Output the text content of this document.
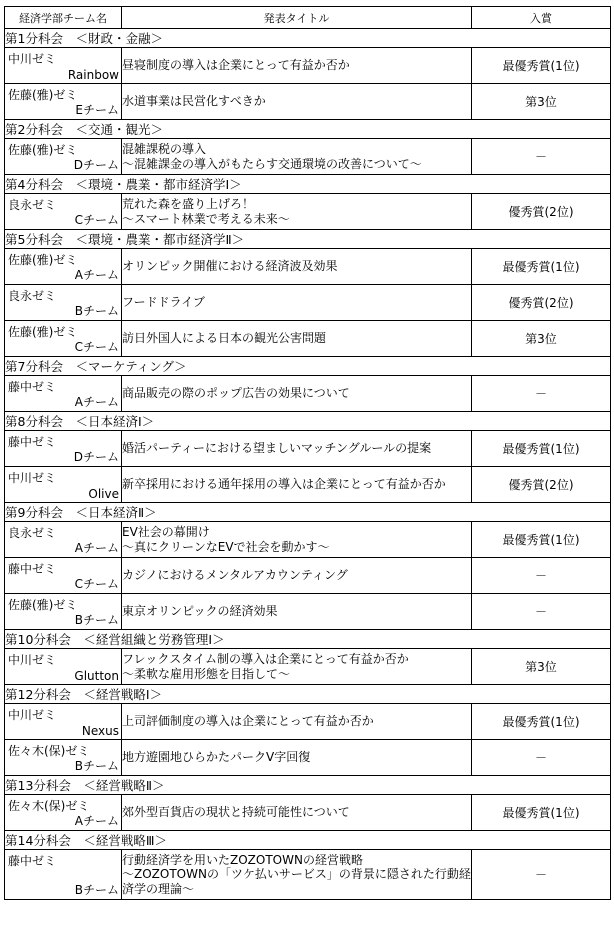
経済学部チーム名	発表タイトル	入賞
第1分科会　＜財政・金融＞		

中川ゼミ
Rainbow	昼寝制度の導入は企業にとって有益か否か	最優秀賞(1位)

佐藤(雅)ゼミ
Eチーム	水道事業は民営化すべきか	第3位
第2分科会　＜交通・観光＞		

佐藤(雅)ゼミ
Dチーム	混雑課税の導入
～混雑課金の導入がもたらす交通環境の改善について～	－
第4分科会　＜環境・農業・都市経済学Ⅰ＞		

良永ゼミ
Cチーム	荒れた森を盛り上げろ！
～スマート林業で考える未来～	優秀賞(2位)
第5分科会　＜環境・農業・都市経済学Ⅱ＞		

佐藤(雅)ゼミ
Aチーム	オリンピック開催における経済波及効果	最優秀賞(1位)

良永ゼミ
Bチーム	フードドライブ	優秀賞(2位)

佐藤(雅)ゼミ
Cチーム	訪日外国人による日本の観光公害問題	第3位
第7分科会　＜マーケティング＞		

藤中ゼミ
Aチーム	商品販売の際のポップ広告の効果について	－
第8分科会　＜日本経済Ⅰ＞		

藤中ゼミ
Dチーム	婚活パーティーにおける望ましいマッチングルールの提案	最優秀賞(1位)

中川ゼミ
Olive	新卒採用における通年採用の導入は企業にとって有益か否か	優秀賞(2位)
第9分科会　＜日本経済Ⅱ＞		

良永ゼミ
Aチーム	EV社会の幕開け
～真にクリーンなEVで社会を動かす～	最優秀賞(1位)

藤中ゼミ
Cチーム	カジノにおけるメンタルアカウンティング	－

佐藤(雅)ゼミ
Bチーム	東京オリンピックの経済効果	－
第10分科会　＜経営組織と労務管理Ⅰ＞		

中川ゼミ
Glutton	フレックスタイム制の導入は企業にとって有益か否か
～柔軟な雇用形態を目指して～	第3位
第12分科会　＜経営戦略Ⅰ＞		

中川ゼミ
Nexus	上司評価制度の導入は企業にとって有益か否か	最優秀賞(1位)

佐々木(保)ゼミ
Bチーム	地方遊園地ひらかたパークV字回復	－
第13分科会　＜経営戦略Ⅱ＞		

佐々木(保)ゼミ
Aチーム	郊外型百貨店の現状と持続可能性について	最優秀賞(1位)
第14分科会　＜経営戦略Ⅲ＞		

藤中ゼミ
Bチーム	行動経済学を用いたZOZOTOWNの経営戦略
～ZOZOTOWNの「ツケ払いサービス」の背景に隠された行動経済学の理論～	－
